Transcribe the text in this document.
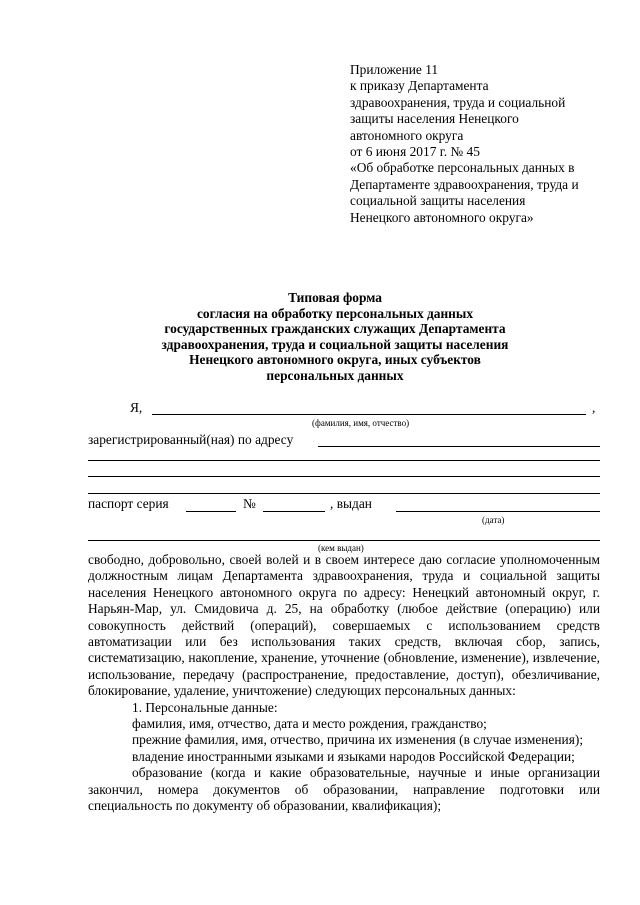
Приложение 11
к приказу Департамента
здравоохранения, труда и социальной
защиты населения Ненецкого
автономного округа
от 6 июня 2017 г. № 45
«Об обработке персональных данных в
Департаменте здравоохранения, труда и
социальной защиты населения
Ненецкого автономного округа»
Типовая форма
согласия на обработку персональных данных
государственных гражданских служащих Департамента
здравоохранения, труда и социальной защиты населения
Ненецкого автономного округа, иных субъектов
персональных данных
Я,	,
(фамилия, имя, отчество)
зарегистрированный(ная) по адресу
паспорт серия	№	, выдан
(дата)
(кем выдан)

свободно, добровольно, своей волей и в своем интересе даю согласие уполномоченным должностным лицам Департамента здравоохранения, труда и социальной защиты населения Ненецкого автономного округа по адресу: Ненецкий автономный округ, г. Нарьян-Мар, ул. Смидовича д. 25, на обработку (любое действие (операцию) или совокупность действий (операций), совершаемых с использованием средств автоматизации или без использования таких средств, включая сбор, запись, систематизацию, накопление, хранение, уточнение (обновление, изменение), извлечение, использование, передачу (распространение, предоставление, доступ), обезличивание, блокирование, удаление, уничтожение) следующих персональных данных:

1. Персональные данные:

фамилия, имя, отчество, дата и место рождения, гражданство;

прежние фамилия, имя, отчество, причина их изменения (в случае изменения);

владение иностранными языками и языками народов Российской Федерации;

образование (когда и какие образовательные, научные и иные организации закончил, номера документов об образовании, направление подготовки или специальность по документу об образовании, квалификация);
